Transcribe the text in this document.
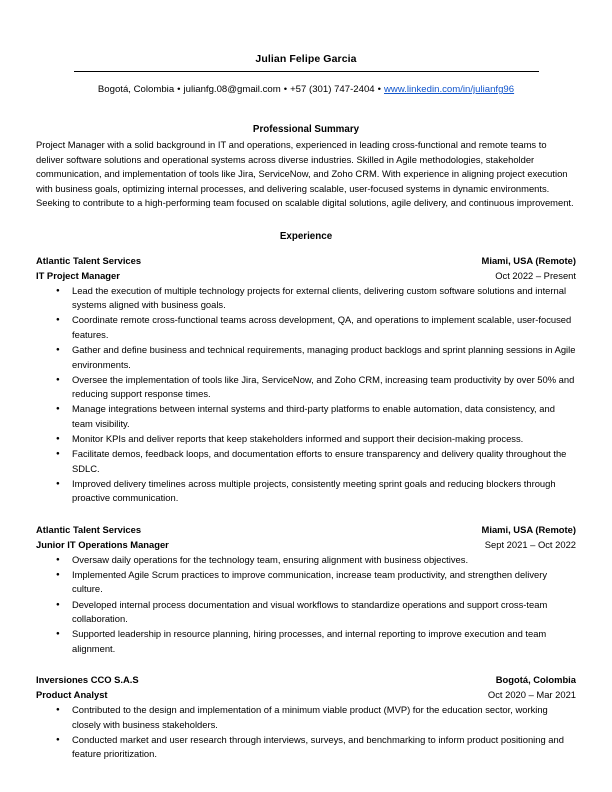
Julian Felipe Garcia
Bogotá, Colombia • julianfg.08@gmail.com • +57 (301) 747-2404 • www.linkedin.com/in/julianfg96
Professional Summary
Project Manager with a solid background in IT and operations, experienced in leading cross-functional and remote teams to deliver software solutions and operational systems across diverse industries. Skilled in Agile methodologies, stakeholder communication, and implementation of tools like Jira, ServiceNow, and Zoho CRM. With experience in aligning project execution with business goals, optimizing internal processes, and delivering scalable, user-focused systems in dynamic environments. Seeking to contribute to a high-performing team focused on scalable digital solutions, agile delivery, and continuous improvement.
Experience
Atlantic Talent Services	Miami, USA (Remote)
IT Project Manager	Oct 2022 – Present
● Lead the execution of multiple technology projects for external clients, delivering custom software solutions and internal systems aligned with business goals.
● Coordinate remote cross-functional teams across development, QA, and operations to implement scalable, user-focused features.
● Gather and define business and technical requirements, managing product backlogs and sprint planning sessions in Agile environments.
● Oversee the implementation of tools like Jira, ServiceNow, and Zoho CRM, increasing team productivity by over 50% and reducing support response times.
● Manage integrations between internal systems and third-party platforms to enable automation, data consistency, and team visibility.
● Monitor KPIs and deliver reports that keep stakeholders informed and support their decision-making process.
● Facilitate demos, feedback loops, and documentation efforts to ensure transparency and delivery quality throughout the SDLC.
● Improved delivery timelines across multiple projects, consistently meeting sprint goals and reducing blockers through proactive communication.
Atlantic Talent Services	Miami, USA (Remote)
Junior IT Operations Manager	Sept 2021 – Oct 2022
● Oversaw daily operations for the technology team, ensuring alignment with business objectives.
● Implemented Agile Scrum practices to improve communication, increase team productivity, and strengthen delivery culture.
● Developed internal process documentation and visual workflows to standardize operations and support cross-team collaboration.
● Supported leadership in resource planning, hiring processes, and internal reporting to improve execution and team alignment.
Inversiones CCO S.A.S	Bogotá, Colombia
Product Analyst	Oct 2020 – Mar 2021
● Contributed to the design and implementation of a minimum viable product (MVP) for the education sector, working closely with business stakeholders.
● Conducted market and user research through interviews, surveys, and benchmarking to inform product positioning and feature prioritization.
